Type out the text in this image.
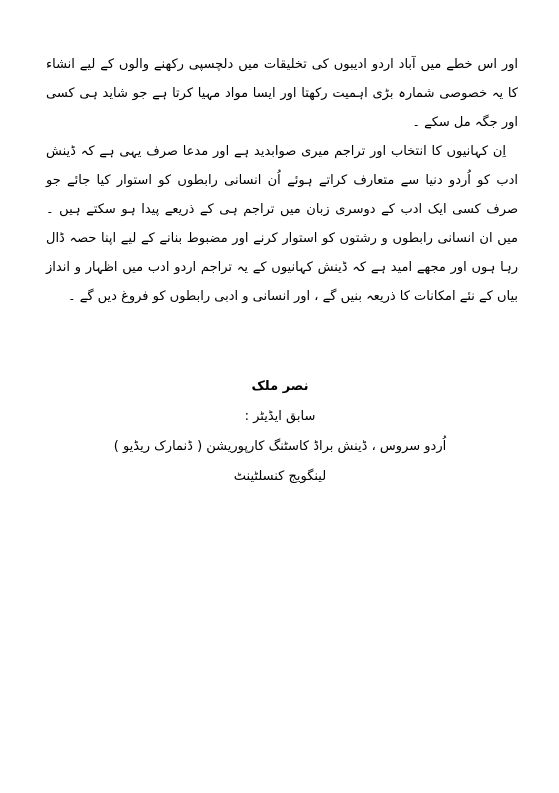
اور اس خطے میں آباد اردو ادیبوں کی تخلیقات میں دلچسپی رکھنے والوں کے لیے انشاء کا یہ خصوصی شمارہ بڑی اہمیت رکھتا اور ایسا مواد مہیا کرتا ہے جو شاید ہی کسی اور جگہ مل سکے ۔

اِن کہانیوں کا انتخاب اور تراجم میری صوابدید ہے اور مدعا صرف یہی ہے کہ ڈینش ادب کو اُردو دنیا سے متعارف کراتے ہوئے اُن انسانی رابطوں کو استوار کیا جائے جو صرف کسی ایک ادب کے دوسری زبان میں تراجم ہی کے ذریعے پیدا ہو سکتے ہیں ۔ میں ان انسانی رابطوں و رشتوں کو استوار کرنے اور مضبوط بنانے کے لیے اپنا حصہ ڈال رہا ہوں اور مجھے امید ہے کہ ڈینش کہانیوں کے یہ تراجم اردو ادب میں اظہار و انداز بیاں کے نئے امکانات کا ذریعہ بنیں گے ، اور انسانی و ادبی رابطوں کو فروغ دیں گے ۔

نصر ملک
سابق ایڈیٹر :
اُردو سروس ، ڈینش براڈ کاسٹنگ کارپوریشن ( ڈنمارک ریڈیو )
لینگویج کنسلٹینٹ
